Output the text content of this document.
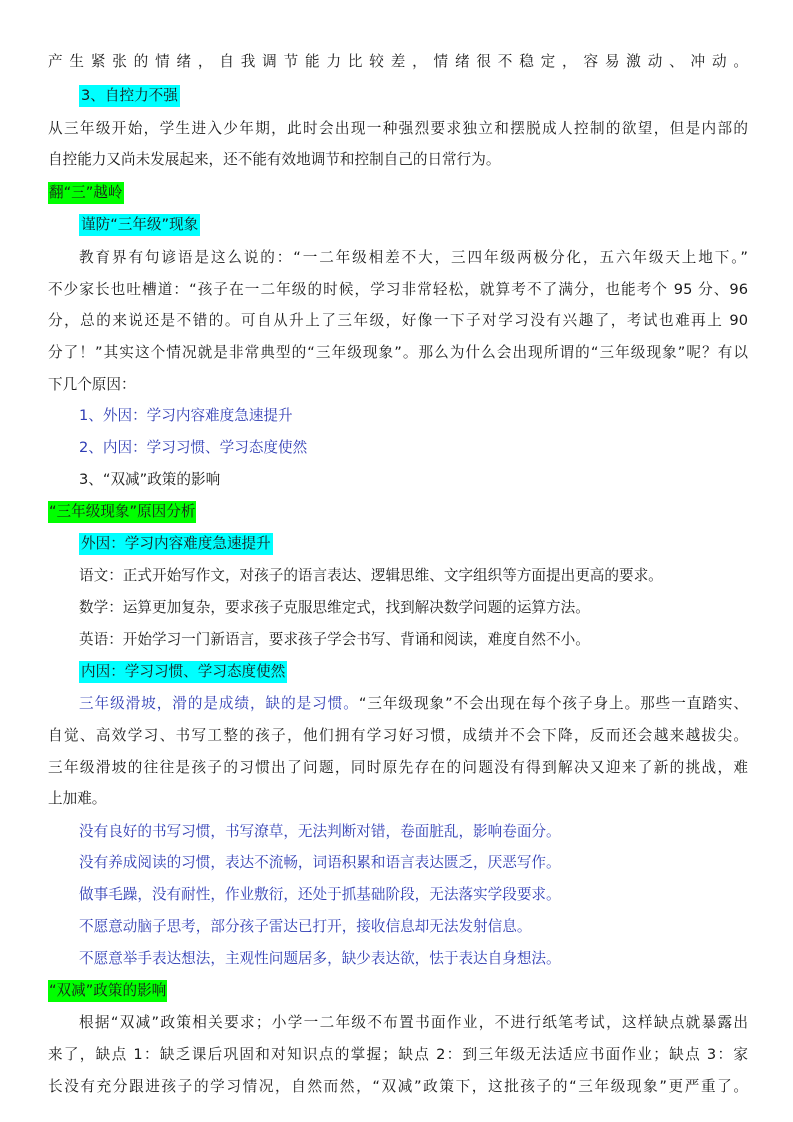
产生紧张的情绪，自我调节能力比较差，情绪很不稳定，容易激动、冲动。
3、自控力不强
从三年级开始，学生进入少年期，此时会出现一种强烈要求独立和摆脱成人控制的欲望，但是内部的
自控能力又尚未发展起来，还不能有效地调节和控制自己的日常行为。
翻“三”越岭
谨防“三年级”现象
教育界有句谚语是这么说的：“一二年级相差不大，三四年级两极分化，五六年级天上地下。”
不少家长也吐槽道：“孩子在一二年级的时候，学习非常轻松，就算考不了满分，也能考个 95 分、96
分，总的来说还是不错的。可自从升上了三年级，好像一下子对学习没有兴趣了，考试也难再上 90
分了！”其实这个情况就是非常典型的“三年级现象”。那么为什么会出现所谓的“三年级现象”呢？有以
下几个原因：
1、外因：学习内容难度急速提升
2、内因：学习习惯、学习态度使然
3、“双减”政策的影响
“三年级现象”原因分析
外因：学习内容难度急速提升
语文：正式开始写作文，对孩子的语言表达、逻辑思维、文字组织等方面提出更高的要求。
数学：运算更加复杂，要求孩子克服思维定式，找到解决数学问题的运算方法。
英语：开始学习一门新语言，要求孩子学会书写、背诵和阅读，难度自然不小。
内因：学习习惯、学习态度使然
三年级滑坡，滑的是成绩，缺的是习惯。“三年级现象”不会出现在每个孩子身上。那些一直踏实、
自觉、高效学习、书写工整的孩子，他们拥有学习好习惯，成绩并不会下降，反而还会越来越拔尖。
三年级滑坡的往往是孩子的习惯出了问题，同时原先存在的问题没有得到解决又迎来了新的挑战，难
上加难。
没有良好的书写习惯，书写潦草，无法判断对错，卷面脏乱，影响卷面分。
没有养成阅读的习惯，表达不流畅，词语积累和语言表达匮乏，厌恶写作。
做事毛躁，没有耐性，作业敷衍，还处于抓基础阶段，无法落实学段要求。
不愿意动脑子思考，部分孩子雷达已打开，接收信息却无法发射信息。
不愿意举手表达想法，主观性问题居多，缺少表达欲，怯于表达自身想法。
“双减”政策的影响
根据“双减”政策相关要求；小学一二年级不布置书面作业，不进行纸笔考试，这样缺点就暴露出
来了，缺点 1：缺乏课后巩固和对知识点的掌握；缺点 2：到三年级无法适应书面作业；缺点 3：家
长没有充分跟进孩子的学习情况，自然而然，“双减”政策下，这批孩子的“三年级现象”更严重了。
